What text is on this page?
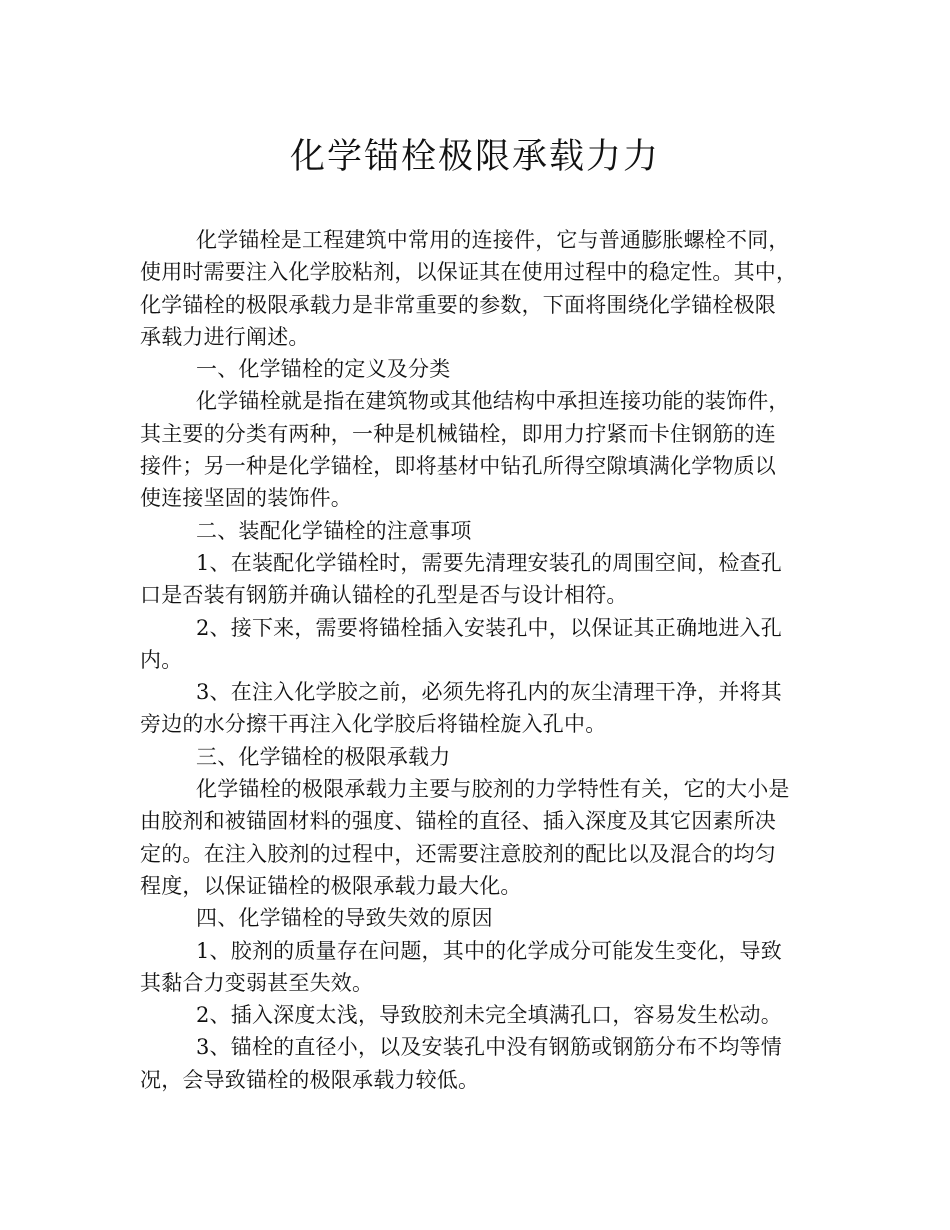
化学锚栓极限承载力力
化学锚栓是工程建筑中常用的连接件，它与普通膨胀螺栓不同，
使用时需要注入化学胶粘剂，以保证其在使用过程中的稳定性。其中，
化学锚栓的极限承载力是非常重要的参数，下面将围绕化学锚栓极限
承载力进行阐述。
一、化学锚栓的定义及分类
化学锚栓就是指在建筑物或其他结构中承担连接功能的装饰件，
其主要的分类有两种，一种是机械锚栓，即用力拧紧而卡住钢筋的连
接件；另一种是化学锚栓，即将基材中钻孔所得空隙填满化学物质以
使连接坚固的装饰件。
二、装配化学锚栓的注意事项
1、在装配化学锚栓时，需要先清理安装孔的周围空间，检查孔
口是否装有钢筋并确认锚栓的孔型是否与设计相符。
2、接下来，需要将锚栓插入安装孔中，以保证其正确地进入孔
内。
3、在注入化学胶之前，必须先将孔内的灰尘清理干净，并将其
旁边的水分擦干再注入化学胶后将锚栓旋入孔中。
三、化学锚栓的极限承载力
化学锚栓的极限承载力主要与胶剂的力学特性有关，它的大小是
由胶剂和被锚固材料的强度、锚栓的直径、插入深度及其它因素所决
定的。在注入胶剂的过程中，还需要注意胶剂的配比以及混合的均匀
程度，以保证锚栓的极限承载力最大化。
四、化学锚栓的导致失效的原因
1、胶剂的质量存在问题，其中的化学成分可能发生变化，导致
其黏合力变弱甚至失效。
2、插入深度太浅，导致胶剂未完全填满孔口，容易发生松动。
3、锚栓的直径小，以及安装孔中没有钢筋或钢筋分布不均等情
况，会导致锚栓的极限承载力较低。
